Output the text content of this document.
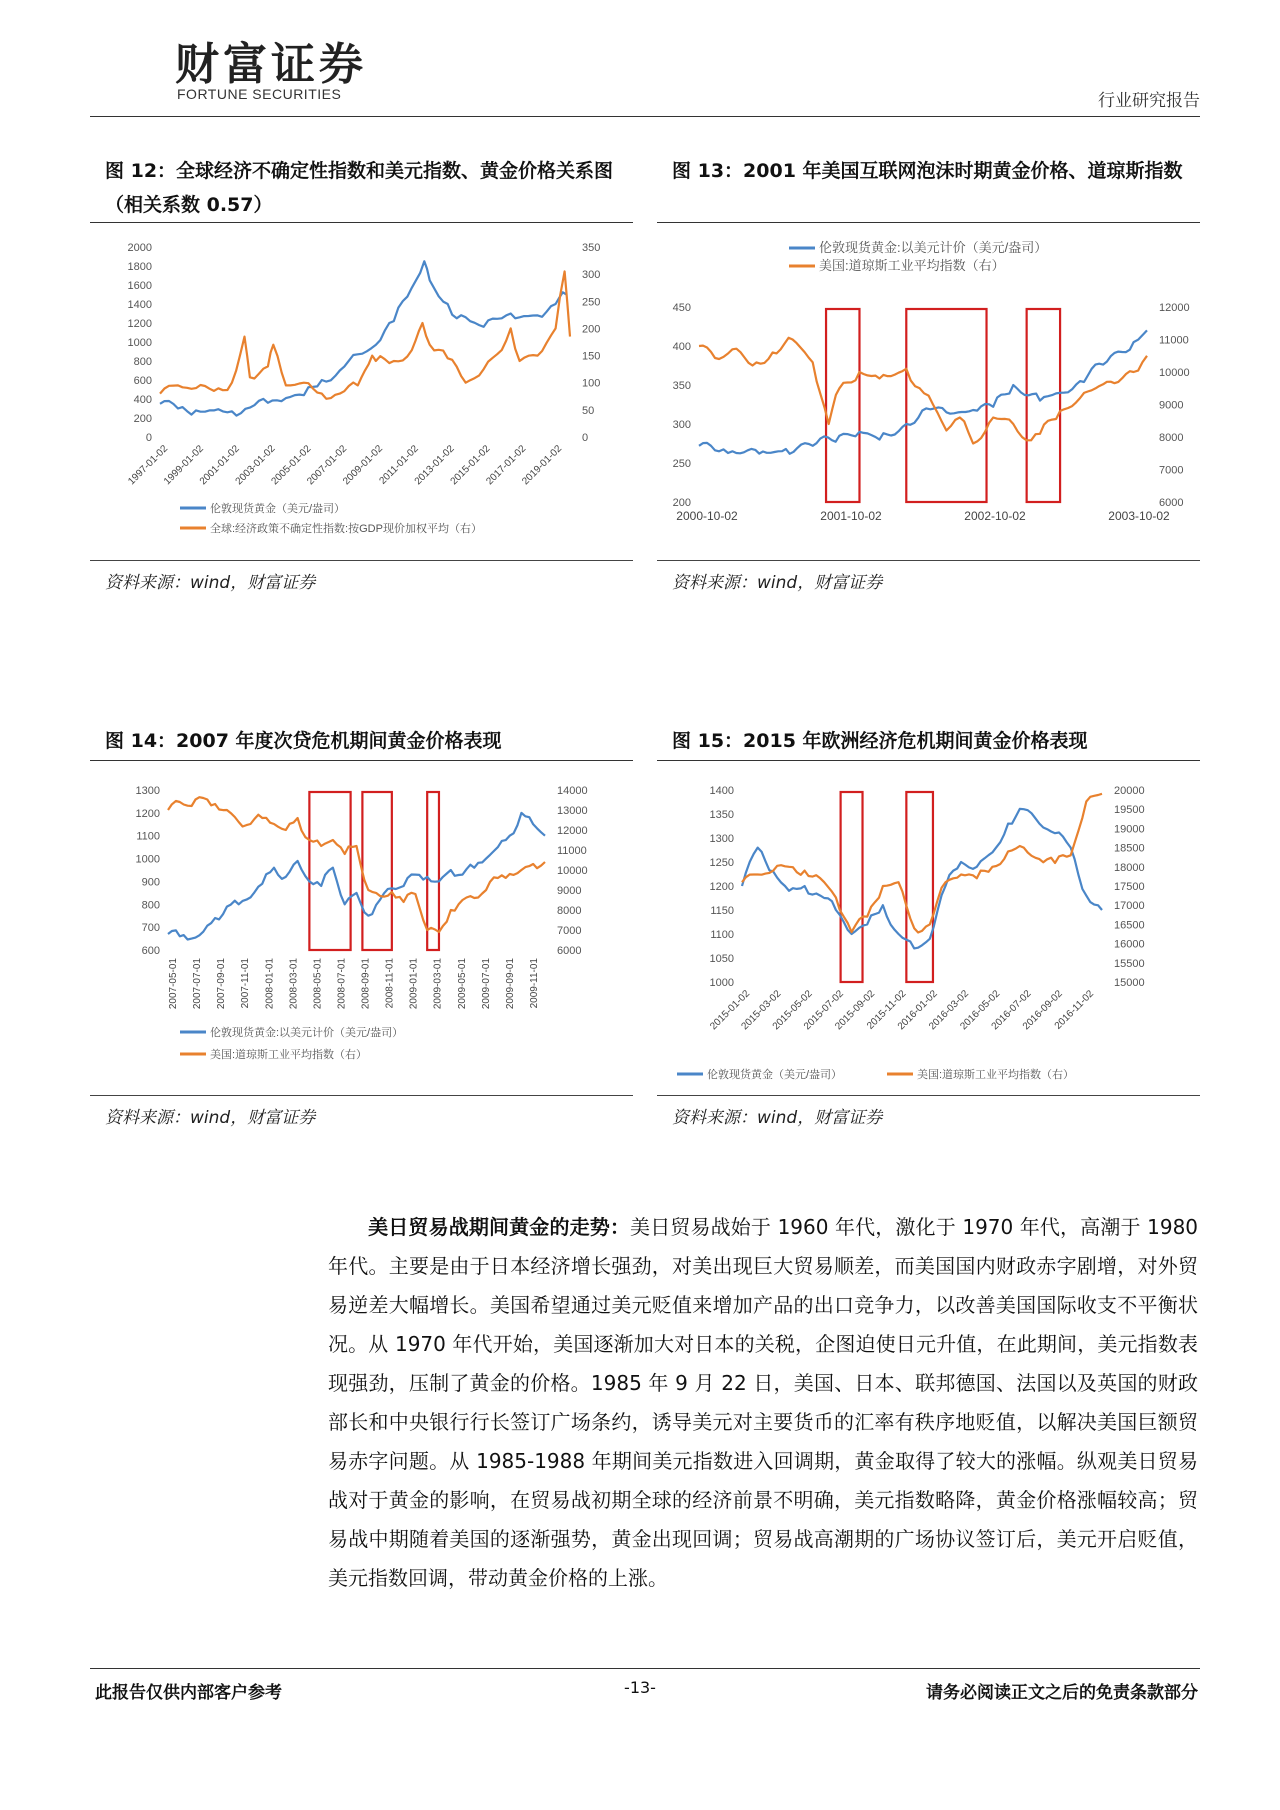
财富证券
FORTUNE SECURITIES	行业研究报告
图 12：全球经济不确定性指数和美元指数、黄金价格关系图（相关系数 0.57）
2000
1800
1600
1400
1200
1000
800
600
400
200
0
350
300
250
200
150
100
50
0
1997-01-02
1999-01-02
2001-01-02
2003-01-02
2005-01-02
2007-01-02
2009-01-02
2011-01-02
2013-01-02
2015-01-02
2017-01-02
2019-01-02
伦敦现货黄金（美元/盎司）
全球:经济政策不确定性指数:按GDP现价加权平均（右）
资料来源：wind，财富证券
图 13：2001 年美国互联网泡沫时期黄金价格、道琼斯指数
450
400
350
300
250
200
12000
11000
10000
9000
8000
7000
6000
2000-10-02	2001-10-02	2002-10-02	2003-10-02
伦敦现货黄金:以美元计价（美元/盎司）
美国:道琼斯工业平均指数（右）
资料来源：wind，财富证券
图 14：2007 年度次贷危机期间黄金价格表现
1300
1200
1100
1000
900
800
700
600
14000
13000
12000
11000
10000
9000
8000
7000
6000
2007-05-01 2007-07-01 2007-09-01 2007-11-01 2008-01-01 2008-03-01 2008-05-01 2008-07-01 2008-09-01 2008-11-01 2009-01-01 2009-03-01 2009-05-01 2009-07-01 2009-09-01 2009-11-01
伦敦现货黄金:以美元计价（美元/盎司）
美国:道琼斯工业平均指数（右）
资料来源：wind，财富证券
图 15：2015 年欧洲经济危机期间黄金价格表现
1400
1350
1300
1250
1200
1150
1100
1050
1000
20000
19500
19000
18500
18000
17500
17000
16500
16000
15500
15000
2015-01-02
2015-03-02
2015-05-02
2015-07-02
2015-09-02
2015-11-02
2016-01-02
2016-03-02
2016-05-02
2016-07-02
2016-09-02
2016-11-02
伦敦现货黄金（美元/盎司）	美国:道琼斯工业平均指数（右）
资料来源：wind，财富证券
美日贸易战期间黄金的走势：美日贸易战始于 1960 年代，激化于 1970 年代，高潮于 1980 年代。主要是由于日本经济增长强劲，对美出现巨大贸易顺差，而美国国内财政赤字剧增，对外贸易逆差大幅增长。美国希望通过美元贬值来增加产品的出口竞争力，以改善美国国际收支不平衡状况。从 1970 年代开始，美国逐渐加大对日本的关税，企图迫使日元升值，在此期间，美元指数表现强劲，压制了黄金的价格。1985 年 9 月 22 日，美国、日本、联邦德国、法国以及英国的财政部长和中央银行行长签订广场条约，诱导美元对主要货币的汇率有秩序地贬值，以解决美国巨额贸易赤字问题。从 1985-1988 年期间美元指数进入回调期，黄金取得了较大的涨幅。纵观美日贸易战对于黄金的影响，在贸易战初期全球的经济前景不明确，美元指数略降，黄金价格涨幅较高；贸易战中期随着美国的逐渐强势，黄金出现回调；贸易战高潮期的广场协议签订后，美元开启贬值，美元指数回调，带动黄金价格的上涨。
此报告仅供内部客户参考	-13-	请务必阅读正文之后的免责条款部分
